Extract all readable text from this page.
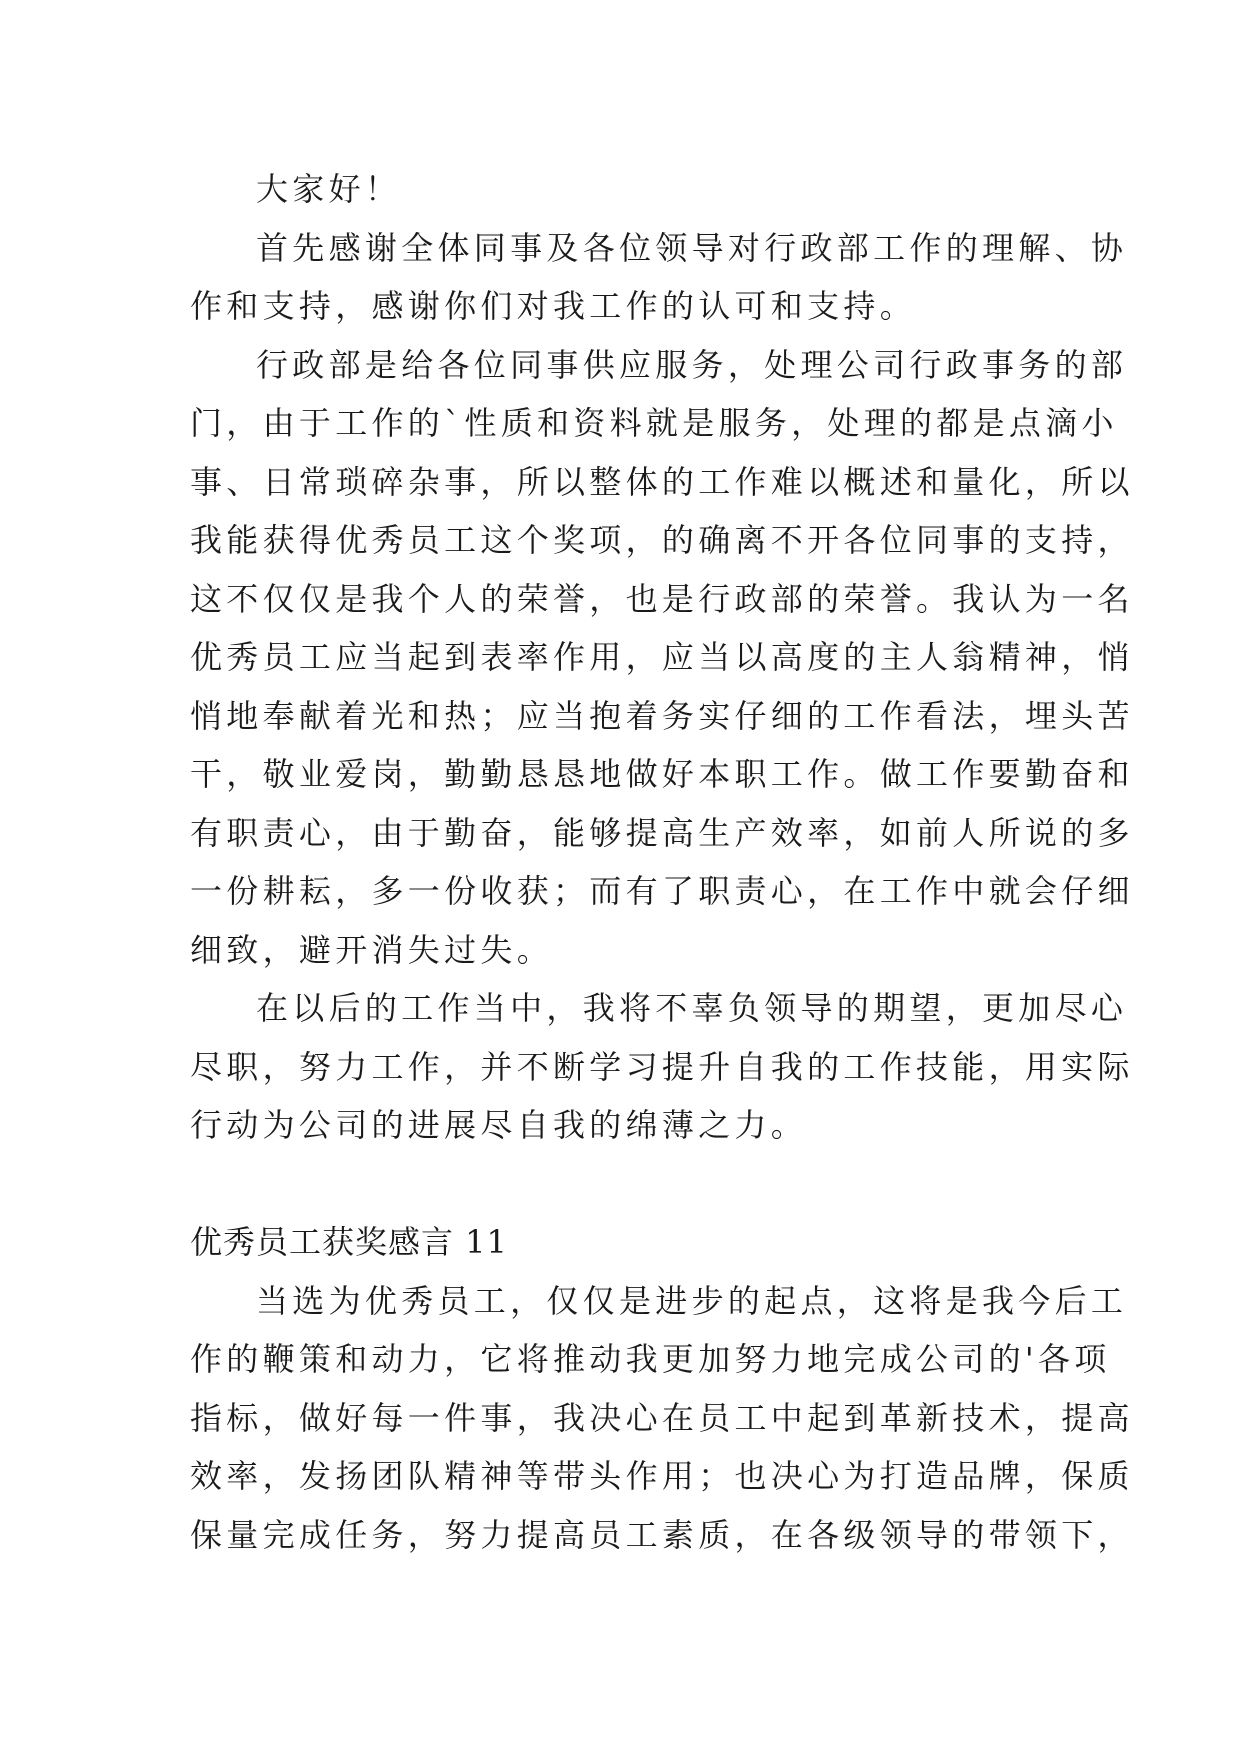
大家好！
首先感谢全体同事及各位领导对行政部工作的理解、协
作和支持，感谢你们对我工作的认可和支持。
行政部是给各位同事供应服务，处理公司行政事务的部
门，由于工作的`性质和资料就是服务，处理的都是点滴小
事、日常琐碎杂事，所以整体的工作难以概述和量化，所以
我能获得优秀员工这个奖项，的确离不开各位同事的支持，
这不仅仅是我个人的荣誉，也是行政部的荣誉。我认为一名
优秀员工应当起到表率作用，应当以高度的主人翁精神，悄
悄地奉献着光和热；应当抱着务实仔细的工作看法，埋头苦
干，敬业爱岗，勤勤恳恳地做好本职工作。做工作要勤奋和
有职责心，由于勤奋，能够提高生产效率，如前人所说的多
一份耕耘，多一份收获；而有了职责心，在工作中就会仔细
细致，避开消失过失。
在以后的工作当中，我将不辜负领导的期望，更加尽心
尽职，努力工作，并不断学习提升自我的工作技能，用实际
行动为公司的进展尽自我的绵薄之力。
优秀员工获奖感言 11
当选为优秀员工，仅仅是进步的起点，这将是我今后工
作的鞭策和动力，它将推动我更加努力地完成公司的'各项
指标，做好每一件事，我决心在员工中起到革新技术，提高
效率，发扬团队精神等带头作用；也决心为打造品牌，保质
保量完成任务，努力提高员工素质，在各级领导的带领下，
